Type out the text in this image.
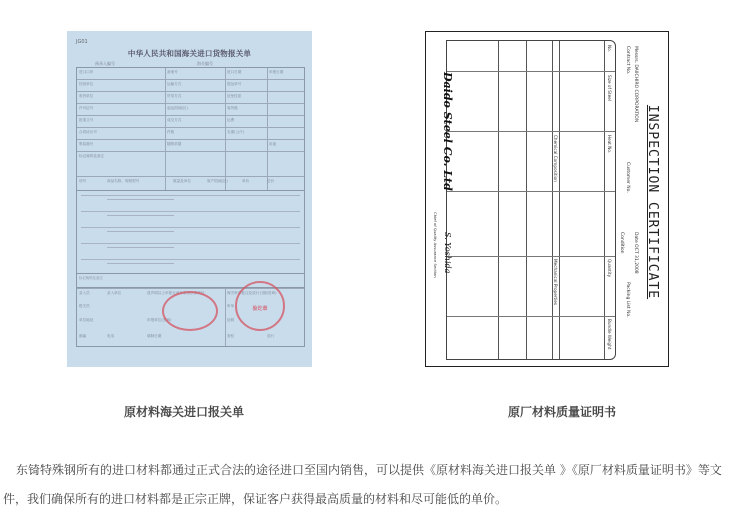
JG01
中华人民共和国海关进口货物报关单
预录入编号	海关编号
进口口岸	备案号	进口日期	申报日期
经营单位	运输方式	提运单号
收货单位	贸易方式	征免性质
许可证号	起运国(地区)	装货港
批准文号	成交方式	运费
合同协议号	件数	毛重(公斤)
集装箱号	随附单据	用途
标记唛码及备注
项号	商品名称、规格型号	数量及单位	原产国(地区)	单价	总价
标记唛码及备注
录入员	录入单位	兹声明以上申报无讹并承担法律责任	海关审单批注及放行日期(签章)
报关员	审单
单位地址	申报单位(签章)	征税
邮编	电话	填制日期	查验	放行
验讫章
INSPECTION CERTIFICATE
Messrs. DAIICHIRO CORPORATION
Contract No.
Customer No.
Date OCT 31,2008
Packing List No.
Condition
No.
Size of Steel
Heat No.
Chemical Composition
Mechanical Properties
Bundle Weight
Quantity
Daido Steel Co. Ltd
S. Yoshida
Chief of Quality Assurance Section
原材料海关进口报关单	原厂材料质量证明书

东锜特殊钢所有的进口材料都通过正式合法的途径进口至国内销售，可以提供《原材料海关进口报关单 》《原厂材料质量证明书》等文件，我们确保所有的进口材料都是正宗正牌，保证客户获得最高质量的材料和尽可能低的单价。
